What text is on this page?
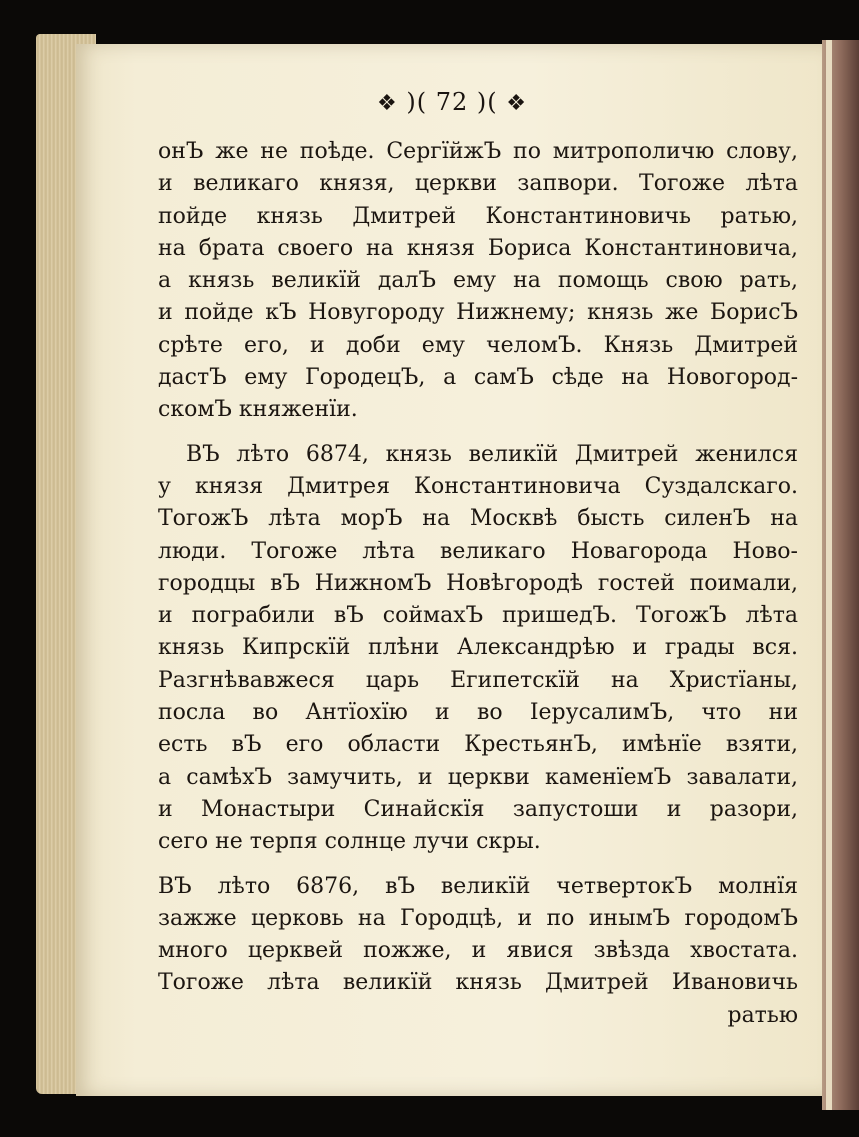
❖ )( 72 )( ❖
онЪ же не поѣде. СергїйжЪ по митрополичю слову,
и великаго князя, церкви запвори. Тогоже лѣта
пойде князь Дмитрей Константиновичь ратью,
на брата своего на князя Бориса Константиновича,
а князь великїй далЪ ему на помощь свою рать,
и пойде кЪ Новугороду Нижнему; князь же БорисЪ
срѣте его, и доби ему челомЪ. Князь Дмитрей
дастЪ ему ГородецЪ, а самЪ сѣде на Новогород-
скомЪ княженїи.
ВЪ лѣто 6874, князь великїй Дмитрей женился
у князя Дмитрея Константиновича Суздалскаго.
ТогожЪ лѣта морЪ на Москвѣ бысть силенЪ на
люди. Тогоже лѣта великаго Новагорода Ново-
городцы вЪ НижномЪ Новѣгородѣ гостей поимали,
и пограбили вЪ соймахЪ пришедЪ. ТогожЪ лѣта
князь Кипрскїй плѣни Александрѣю и грады вся.
Разгнѣвавжеся царь Египетскїй на Христїаны,
посла во Антїохїю и во ІерусалимЪ, что ни
есть вЪ его области КрестьянЪ, имѣнїе взяти,
а самѣхЪ замучить, и церкви каменїемЪ завалати,
и Монастыри Синайскїя запустоши и разори,
сего не терпя солнце лучи скры.
ВЪ лѣто 6876, вЪ великїй четвертокЪ молнїя
зажже церковь на Городцѣ, и по инымЪ городомЪ
много церквей пожже, и явися звѣзда хвостата.
Тогоже лѣта великїй князь Дмитрей Ивановичь
ратью
